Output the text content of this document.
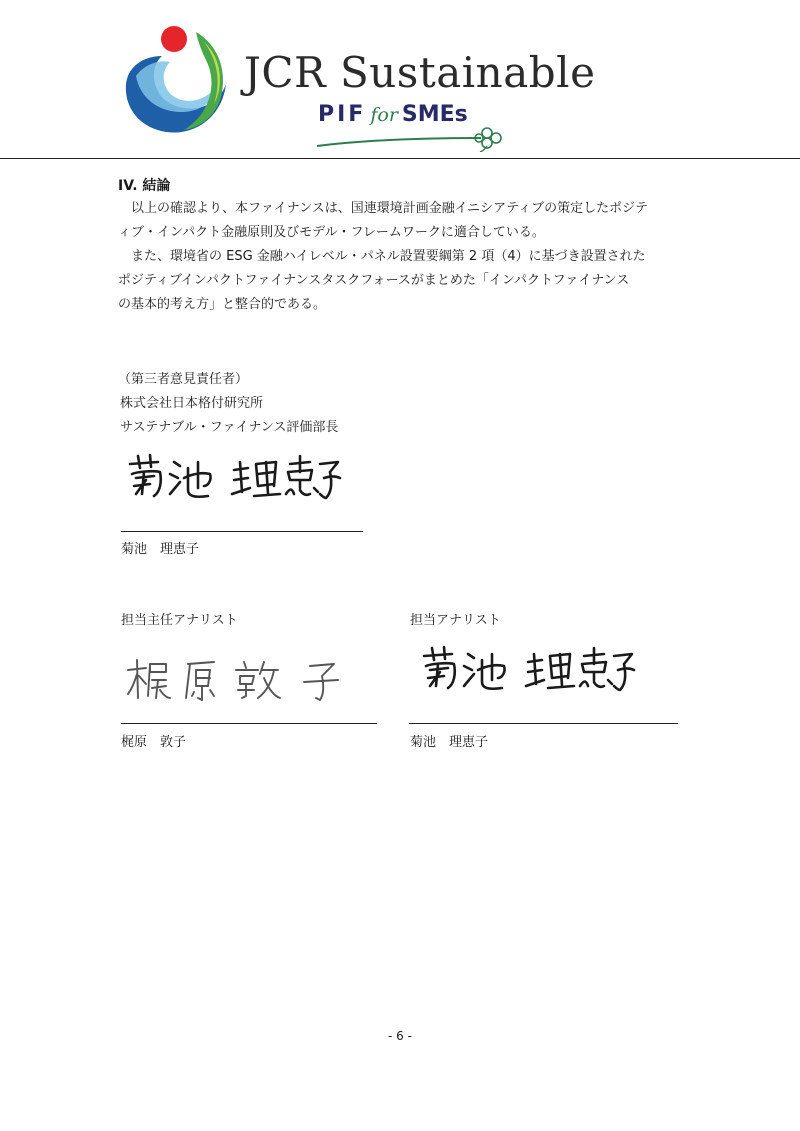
JCR Sustainable
PIF for SMEs
IV. 結論
以上の確認より、本ファイナンスは、国連環境計画金融イニシアティブの策定したポジテ
ィブ・インパクト金融原則及びモデル・フレームワークに適合している。
また、環境省の ESG 金融ハイレベル・パネル設置要綱第 2 項（4）に基づき設置された
ポジティブインパクトファイナンスタスクフォースがまとめた「インパクトファイナンス
の基本的考え方」と整合的である。
（第三者意見責任者）
株式会社日本格付研究所
サステナブル・ファイナンス評価部長
菊池　理恵子
担当主任アナリスト
梶原　敦子
担当アナリスト
菊池　理恵子
- 6 -
